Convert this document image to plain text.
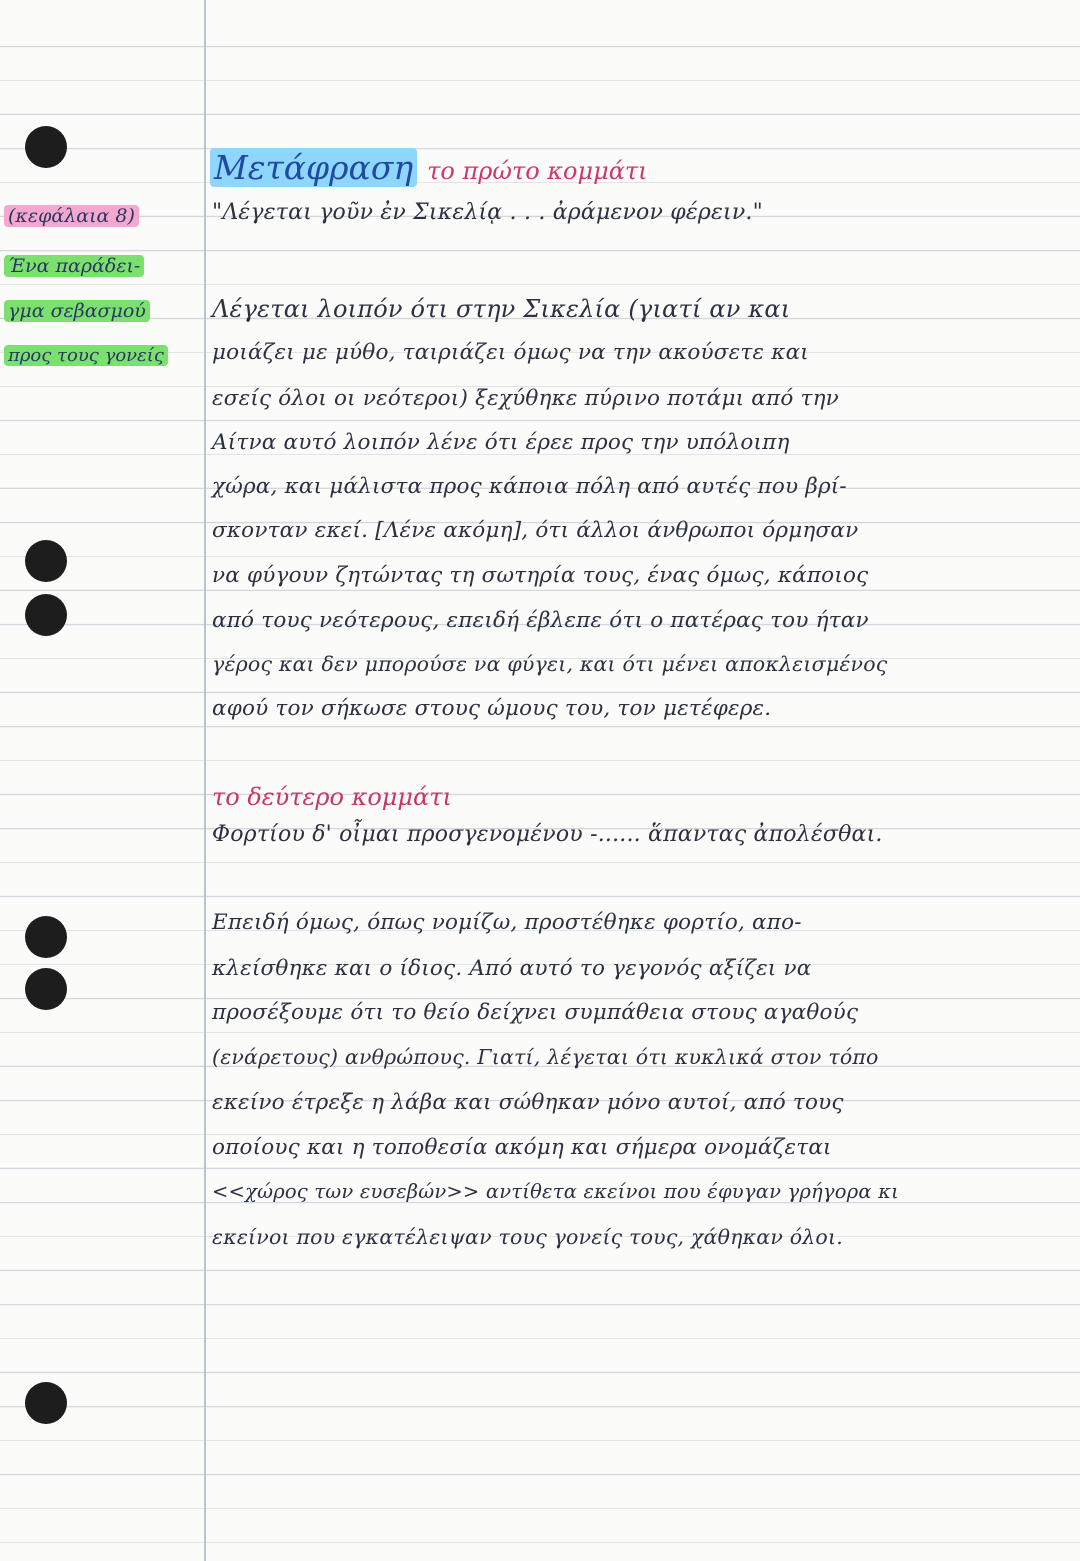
(κεφάλαια 8)
Ένα παράδει-
γμα σεβασμού
προς τους γονείς
Μετάφραση το πρώτο κομμάτι
"Λέγεται γοῦν ἐν Σικελίᾳ . . . ἀράμενον φέρειν."
Λέγεται λοιπόν ότι στην Σικελία (γιατί αν και
μοιάζει με μύθο, ταιριάζει όμως να την ακούσετε και
εσείς όλοι οι νεότεροι) ξεχύθηκε πύρινο ποτάμι από την
Αίτνα αυτό λοιπόν λένε ότι έρεε προς την υπόλοιπη
χώρα, και μάλιστα προς κάποια πόλη από αυτές που βρί-
σκονταν εκεί. [Λένε ακόμη], ότι άλλοι άνθρωποι όρμησαν
να φύγουν ζητώντας τη σωτηρία τους, ένας όμως, κάποιος
από τους νεότερους, επειδή έβλεπε ότι ο πατέρας του ήταν
γέρος και δεν μπορούσε να φύγει, και ότι μένει αποκλεισμένος
αφού τον σήκωσε στους ώμους του, τον μετέφερε.
το δεύτερο κομμάτι
Φορτίου δ' οἶμαι προσγενομένου -...... ἅπαντας ἀπολέσθαι.
Επειδή όμως, όπως νομίζω, προστέθηκε φορτίο, απο-
κλείσθηκε και ο ίδιος. Από αυτό το γεγονός αξίζει να
προσέξουμε ότι το θείο δείχνει συμπάθεια στους αγαθούς
(ενάρετους) ανθρώπους. Γιατί, λέγεται ότι κυκλικά στον τόπο
εκείνο έτρεξε η λάβα και σώθηκαν μόνο αυτοί, από τους
οποίους και η τοποθεσία ακόμη και σήμερα ονομάζεται
<<χώρος των ευσεβών>> αντίθετα εκείνοι που έφυγαν γρήγορα κι
εκείνοι που εγκατέλειψαν τους γονείς τους, χάθηκαν όλοι.
